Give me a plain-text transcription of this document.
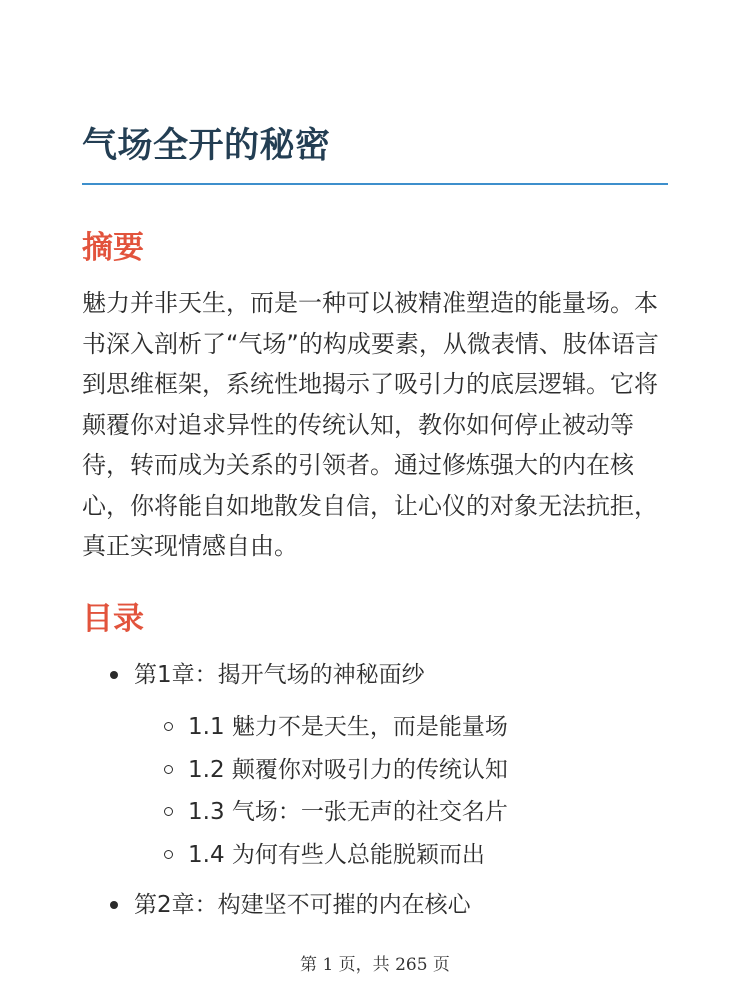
气场全开的秘密
摘要

魅力并非天生，而是一种可以被精准塑造的能量场。本书深入剖析了“气场”的构成要素，从微表情、肢体语言到思维框架，系统性地揭示了吸引力的底层逻辑。它将颠覆你对追求异性的传统认知，教你如何停止被动等待，转而成为关系的引领者。通过修炼强大的内在核心，你将能自如地散发自信，让心仪的对象无法抗拒，真正实现情感自由。

目录
第1章：揭开气场的神秘面纱
1.1 魅力不是天生，而是能量场
1.2 颠覆你对吸引力的传统认知
1.3 气场：一张无声的社交名片
1.4 为何有些人总能脱颖而出
第2章：构建坚不可摧的内在核心
第 1 页，共 265 页
